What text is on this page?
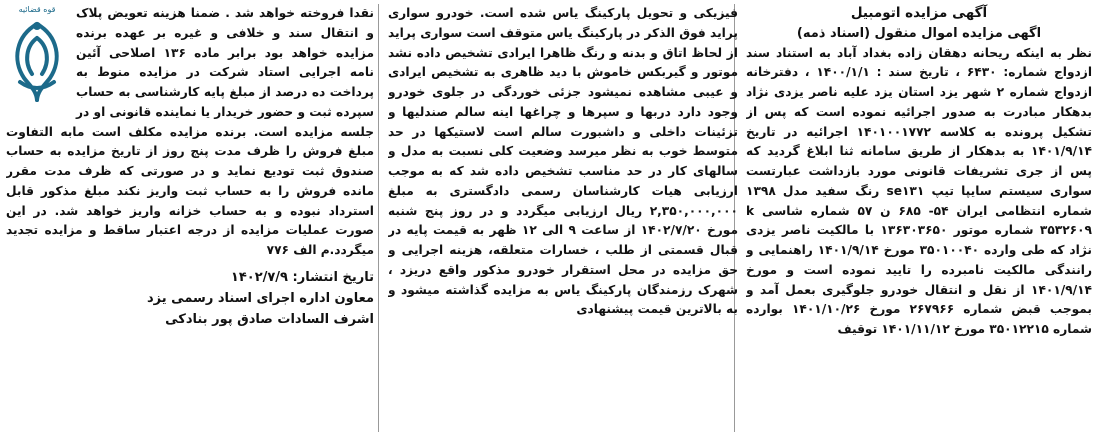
آگهی مزایده اتومبیل

اگهی مزایده اموال منقول (اسناد ذمه)

نظر به اینکه ریحانه دهقان زاده بغداد آباد به استناد سند ازدواج شماره: ۶۴۳۰ ، تاریخ سند : ۱۴۰۰/۱/۱ ، دفترخانه ازدواج شماره ۲ شهر یزد استان یزد علیه ناصر یزدی نژاد بدهکار مبادرت به صدور اجرائیه نموده است که پس از تشکیل پرونده به کلاسه ۱۴۰۱۰۰۱۷۷۲ اجرائیه در تاریخ ۱۴۰۱/۹/۱۴ به بدهکار از طریق سامانه ثنا ابلاغ گردید که پس از جری تشریفات قانونی مورد بازداشت عبارتست سواری سیستم سایپا تیپ se۱۳۱ رنگ سفید مدل ۱۳۹۸ شماره انتظامی ایران ۵۴- ۶۸۵ ن ۵۷ شماره شاسی k ۳۵۳۲۶۰۹ شماره موتور ۱۳۶۳۰۳۶۵۰ با مالکیت ناصر یزدی نژاد که طی وارده ۳۵۰۱۰۰۴۰ مورخ ۱۴۰۱/۹/۱۴ راهنمایی و رانندگی مالکیت نامبرده را تایید نموده است و مورخ ۱۴۰۱/۹/۱۴ از نقل و انتقال خودرو جلوگیری بعمل آمد و بموجب قبض شماره ۲۶۷۹۶۶ مورخ ۱۴۰۱/۱۰/۲۶ بوارده شماره ۳۵۰۱۲۲۱۵ مورخ ۱۴۰۱/۱۱/۱۲ توقیف

فیزیکی و تحویل پارکینگ یاس شده است. خودرو سواری پراید فوق الذکر در پارکینگ یاس متوقف است سواری پراید از لحاظ اتاق و بدنه و رنگ ظاهرا ایرادی تشخیص داده نشد موتور و گیربکس خاموش با دید ظاهری به تشخیص ایرادی و عیبی مشاهده نمیشود جزئی خوردگی در جلوی خودرو وجود دارد دربها و سپرها و چراغها اینه سالم صندلیها و تزئینات داخلی و داشبورت سالم است لاستیکها در حد متوسط خوب به نظر میرسد وضعیت کلی نسبت به مدل و سالهای کار در حد مناسب تشخیص داده شد که به موجب ارزیابی هیات کارشناسان رسمی دادگستری به مبلغ ۲,۳۵۰,۰۰۰,۰۰۰ ریال ارزیابی میگردد و در روز پنج شنبه مورخ ۱۴۰۲/۷/۲۰ از ساعت ۹ الی ۱۲ ظهر به قیمت پایه در قبال قسمتی از طلب ، خسارات متعلقه، هزینه اجرایی و حق مزایده در محل استقرار خودرو مذکور واقع دریزد ، شهرک رزمندگان پارکینگ یاس به مزایده گذاشته میشود و به بالاترین قیمت پیشنهادی

نقدا فروخته خواهد شد . ضمنا هزینه تعویض پلاک و انتقال سند و خلافی و غیره بر عهده برنده مزایده خواهد بود برابر ماده ۱۳۶ اصلاحی آئین نامه اجرایی استاد شرکت در مزایده منوط به پرداخت ده درصد از مبلغ پایه کارشناسی به حساب سپرده ثبت و حضور خریدار یا نماینده قانونی او در جلسه مزایده است. برنده مزایده مکلف است مابه التفاوت مبلغ فروش را ظرف مدت پنج روز از تاریخ مزایده به حساب صندوق ثبت تودیع نماید و در صورتی که ظرف مدت مقرر مانده فروش را به حساب ثبت واریز نکند مبلغ مذکور قابل استرداد نبوده و به حساب خزانه واریز خواهد شد. در این صورت عملیات مزایده از درجه اعتبار ساقط و مزایده تجدید میگردد.م الف ۷۷۶

تاریخ انتشار: ۱۴۰۲/۷/۹

معاون اداره اجرای اسناد رسمی یزد

اشرف السادات صادق پور بنادکی

قوه قضائیه
